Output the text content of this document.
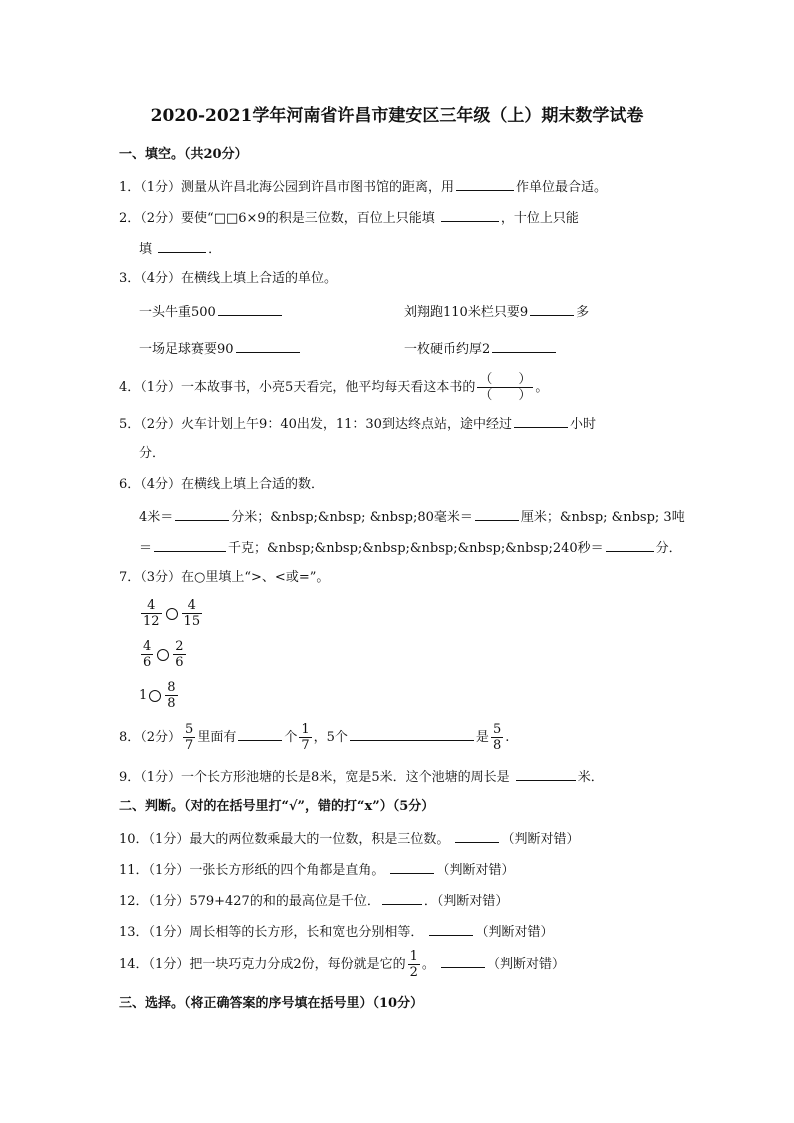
2020-2021学年河南省许昌市建安区三年级（上）期末数学试卷
一、填空。（共20分）
1．（1分）测量从许昌北海公园到许昌市图书馆的距离，用	作单位最合适。
2．（2分）要使“□□6×9的积是三位数，百位上只能填	，十位上只能
填	．
3．（4分）在横线上填上合适的单位。
一头牛重500	刘翔跑110米栏只要9	多
一场足球赛要90	一枚硬币约厚2
4．（1分）一本故事书，小亮5天看完，他平均每天看这本书的 $\frac{( )}{( )}$ 。
5．（2分）火车计划上午9：40出发，11：30到达终点站，途中经过	小时
分．
6．（4分）在横线上填上合适的数．
4米＝	分米；&nbsp;&nbsp; &nbsp;80毫米＝	厘米；&nbsp; &nbsp; 3吨
＝	千克；&nbsp;&nbsp;&nbsp;&nbsp;&nbsp;&nbsp;240秒＝	分．
7．（3分）在○里填上“>、<或=”。
$\frac{4}{12} \frac{4}{15}$
$\frac{4}{6} \frac{2}{6}$
$1 \frac{8}{8}$
8．（2分） $\frac{5}{7}$ 里面有	个 $\frac{1}{7}$ ，5个	是 $\frac{5}{8}$ .
9．（1分）一个长方形池塘的长是8米，宽是5米．这个池塘的周长是	米．
二、判断。（对的在括号里打“√”，错的打“x”）（5分）
10．（1分）最大的两位数乘最大的一位数，积是三位数。	（判断对错）
11．（1分）一张长方形纸的四个角都是直角。	（判断对错）
12．（1分）579+427的和的最高位是千位．	．（判断对错）
13．（1分）周长相等的长方形，长和宽也分别相等．	（判断对错）
14．（1分）把一块巧克力分成2份，每份就是它的 $\frac{1}{2}$ 。	（判断对错）
三、选择。（将正确答案的序号填在括号里）（10分）
